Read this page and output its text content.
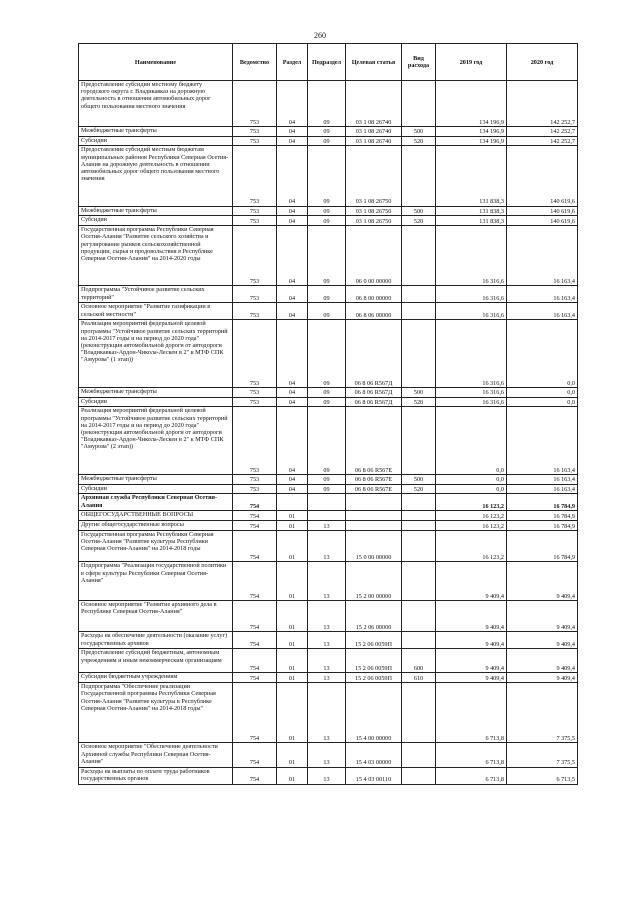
260
Наименование	Ведомство	Раздел	Подраздел	Целевая статья	Вид расхода	2019 год	2020 год
Предоставление субсидии местному бюджету городского округа г. Владикавказ на дорожную деятельность в отношении автомобильных дорог общего пользования местного значения	753	04	09	03 1 08 26740		134 196,9	142 252,7
Межбюджетные трансферты	753	04	09	03 1 08 26740	500	134 196,9	142 252,7
Субсидии	753	04	09	03 1 08 26740	520	134 196,9	142 252,7
Предоставление субсидий местным бюджетам муниципальных районов Республики Северная Осетия-Алания на дорожную деятельность в отношении автомобильных дорог общего пользования местного значения	753	04	09	03 1 08 26750		131 838,3	140 619,6
Межбюджетные трансферты	753	04	09	03 1 08 26750	500	131 838,3	140 619,6
Субсидии	753	04	09	03 1 08 26750	520	131 838,3	140 619,6
Государственная программа Республики Северная Осетия-Алания "Развитие сельского хозяйства и регулирование рынков сельскохозяйственной продукции, сырья и продовольствия в Республике Северная Осетия-Алания" на 2014-2020 годы	753	04	09	06 0 00 00000		16 316,6	16 163,4
Подпрограмма "Устойчивое развитие сельских территорий"	753	04	09	06 8 00 00000		16 316,6	16 163,4
Основное мероприятие "Развитие газификации в сельской местности"	753	04	09	06 8 06 00000		16 316,6	16 163,4
Реализация мероприятий федеральной целевой программы "Устойчивое развитие сельских территорий на 2014-2017 годы и на период до 2020 года" (реконструкция автомобильной дороги от автодороги "Владикавказ-Ардон-Чикола-Лескен в 2" к МТФ СПК "Амурова" (1 этап))	753	04	09	06 8 06 R567Д		16 316,6	0,0
Межбюджетные трансферты	753	04	09	06 8 06 R567Д	500	16 316,6	0,0
Субсидии	753	04	09	06 8 06 R567Д	520	16 316,6	0,0
Реализация мероприятий федеральной целевой программы "Устойчивое развитие сельских территорий на 2014-2017 годы и на период до 2020 года" (реконструкция автомобильной дороги от автодороги "Владикавказ-Ардон-Чикола-Лескен в 2" к МТФ СПК "Амурова" (2 этап))	753	04	09	06 8 06 R567Е		0,0	16 163,4
Межбюджетные трансферты	753	04	09	06 8 06 R567Е	500	0,0	16 163,4
Субсидии	753	04	09	06 8 06 R567Е	520	0,0	16 163,4
Архивная служба Республики Северная Осетия-Алания	754					16 123,2	16 784,9
ОБЩЕГОСУДАРСТВЕННЫЕ ВОПРОСЫ	754	01				16 123,2	16 784,9
Другие общегосударственные вопросы	754	01	13			16 123,2	16 784,9
Государственная программа Республики Северная Осетия-Алания "Развитие культуры Республики Северная Осетия-Алания" на 2014-2018 годы	754	01	13	15 0 00 00000		16 123,2	16 784,9
Подпрограмма "Реализация государственной политики в сфере культуры Республики Северная Осетия-Алания"	754	01	13	15 2 00 00000		9 409,4	9 409,4
Основное мероприятие "Развитие архивного дела в Республике Северная Осетия-Алания"	754	01	13	15 2 06 00000		9 409,4	9 409,4
Расходы на обеспечение деятельности (оказание услуг) государственных архивов	754	01	13	15 2 06 0059П		9 409,4	9 409,4
Предоставление субсидий бюджетным, автономным учреждениям и иным некоммерческим организациям	754	01	13	15 2 06 0059П	600	9 409,4	9 409,4
Субсидии бюджетным учреждениям	754	01	13	15 2 06 0059П	610	9 409,4	9 409,4
Подпрограмма "Обеспечение реализации Государственной программы Республики Северная Осетия-Алания "Развитие культуры в Республике Северная Осетия-Алания" на 2014-2018 годы"	754	01	13	15 4 00 00000		6 713,8	7 375,5
Основное мероприятие "Обеспечение деятельности Архивной службы Республики Северная Осетия-Алания"	754	01	13	15 4 03 00000		6 713,8	7 375,5
Расходы на выплаты по оплате труда работников государственных органов	754	01	13	15 4 03 00110		6 713,8	6 713,5
